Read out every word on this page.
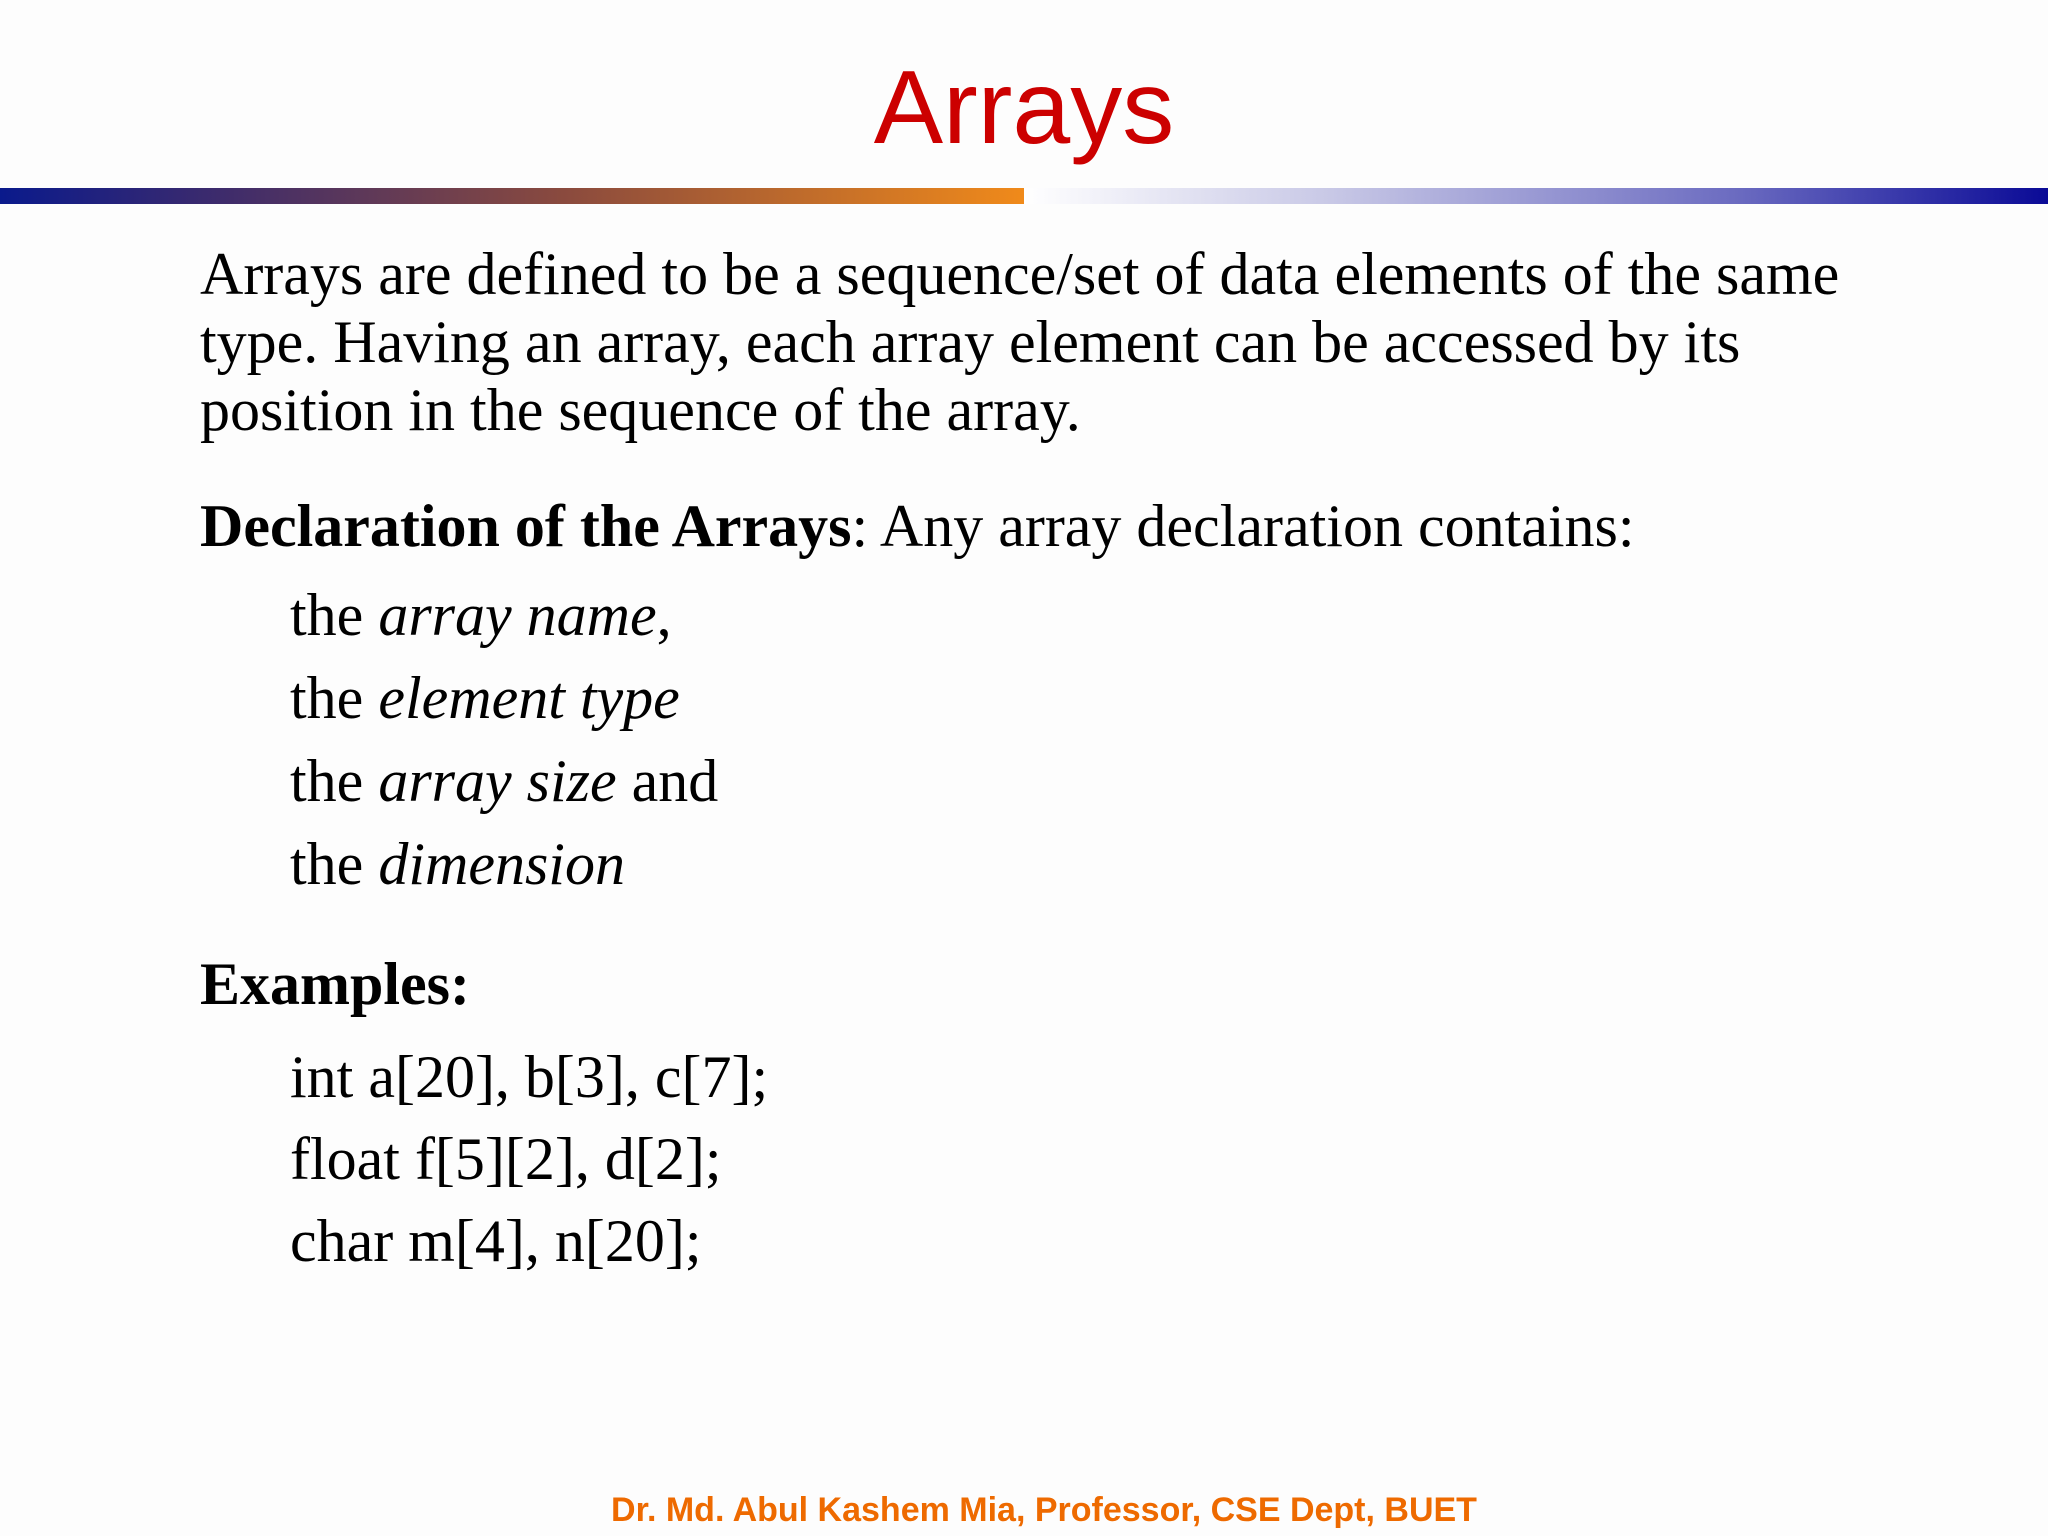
Arrays

Arrays are defined to be a sequence/set of data elements of the same type. Having an array, each array element can be accessed by its position in the sequence of the array.

Declaration of the Arrays: Any array declaration contains:

the array name,
the element type
the array size and
the dimension

Examples:

int a[20], b[3], c[7];
float f[5][2], d[2];
char m[4], n[20];
Dr. Md. Abul Kashem Mia, Professor, CSE Dept, BUET
